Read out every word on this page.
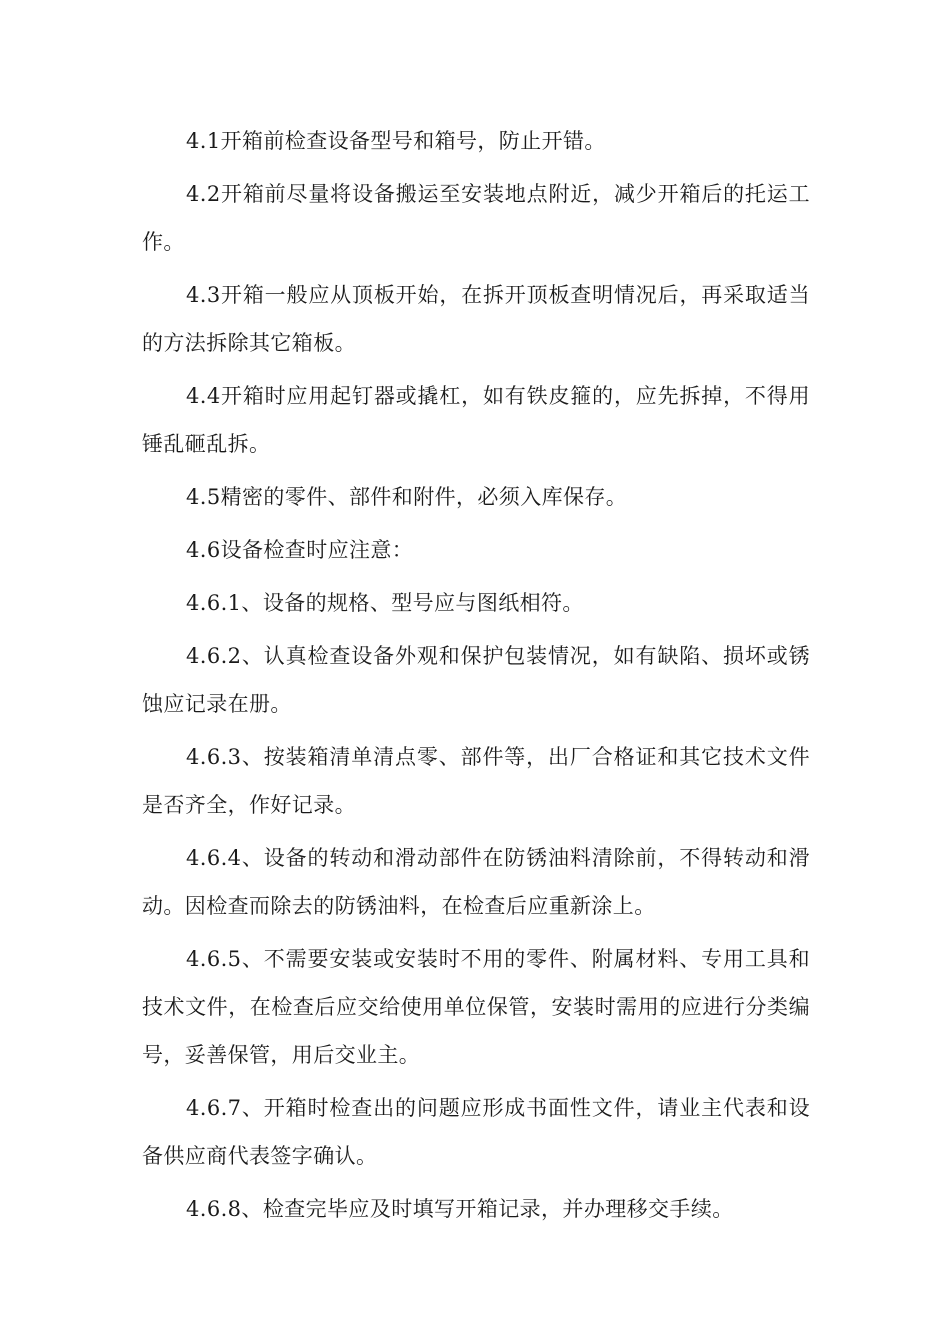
4.1开箱前检查设备型号和箱号，防止开错。

4.2开箱前尽量将设备搬运至安装地点附近，减少开箱后的托运工作。

4.3开箱一般应从顶板开始，在拆开顶板查明情况后，再采取适当的方法拆除其它箱板。

4.4开箱时应用起钉器或撬杠，如有铁皮箍的，应先拆掉，不得用锤乱砸乱拆。

4.5精密的零件、部件和附件，必须入库保存。

4.6设备检查时应注意：

4.6.1、设备的规格、型号应与图纸相符。

4.6.2、认真检查设备外观和保护包装情况，如有缺陷、损坏或锈蚀应记录在册。

4.6.3、按装箱清单清点零、部件等，出厂合格证和其它技术文件是否齐全，作好记录。

4.6.4、设备的转动和滑动部件在防锈油料清除前，不得转动和滑动。因检查而除去的防锈油料，在检查后应重新涂上。

4.6.5、不需要安装或安装时不用的零件、附属材料、专用工具和技术文件，在检查后应交给使用单位保管，安装时需用的应进行分类编号，妥善保管，用后交业主。

4.6.7、开箱时检查出的问题应形成书面性文件，请业主代表和设备供应商代表签字确认。

4.6.8、检查完毕应及时填写开箱记录，并办理移交手续。
